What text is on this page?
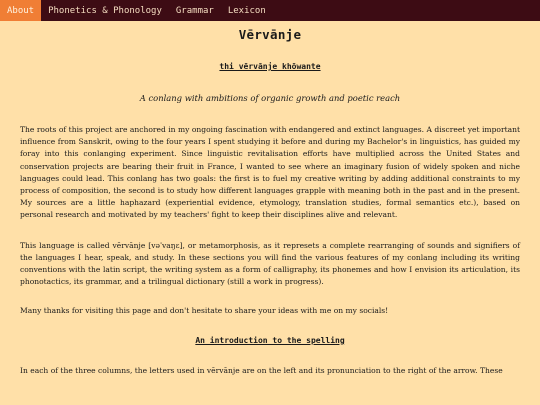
About	Phonetics & Phonology	Grammar	Lexicon
Vērvānje
thi vērvānje khōwante
A conlang with ambitions of organic growth and poetic reach

The roots of this project are anchored in my ongoing fascination with endangered and extinct languages. A discreet yet important influence from Sanskrit, owing to the four years I spent studying it before and during my Bachelor's in linguistics, has guided my foray into this conlanging experiment. Since linguistic revitalisation efforts have multiplied across the United States and conservation projects are bearing their fruit in France, I wanted to see where an imaginary fusion of widely spoken and niche languages could lead. This conlang has two goals: the first is to fuel my creative writing by adding additional constraints to my process of composition, the second is to study how different languages grapple with meaning both in the past and in the present. My sources are a little haphazard (experiential evidence, etymology, translation studies, formal semantics etc.), based on personal research and motivated by my teachers' fight to keep their disciplines alive and relevant.

This language is called vērvānje [vəˈvaŋɛ], or metamorphosis, as it represets a complete rearranging of sounds and signifiers of the languages I hear, speak, and study. In these sections you will find the various features of my conlang including its writing conventions with the latin script, the writing system as a form of calligraphy, its phonemes and how I envision its articulation, its phonotactics, its grammar, and a trilingual dictionary (still a work in progress).

Many thanks for visiting this page and don't hesitate to share your ideas with me on my socials!

An introduction to the spelling

In each of the three columns, the letters used in vērvānje are on the left and its pronunciation to the right of the arrow. These
